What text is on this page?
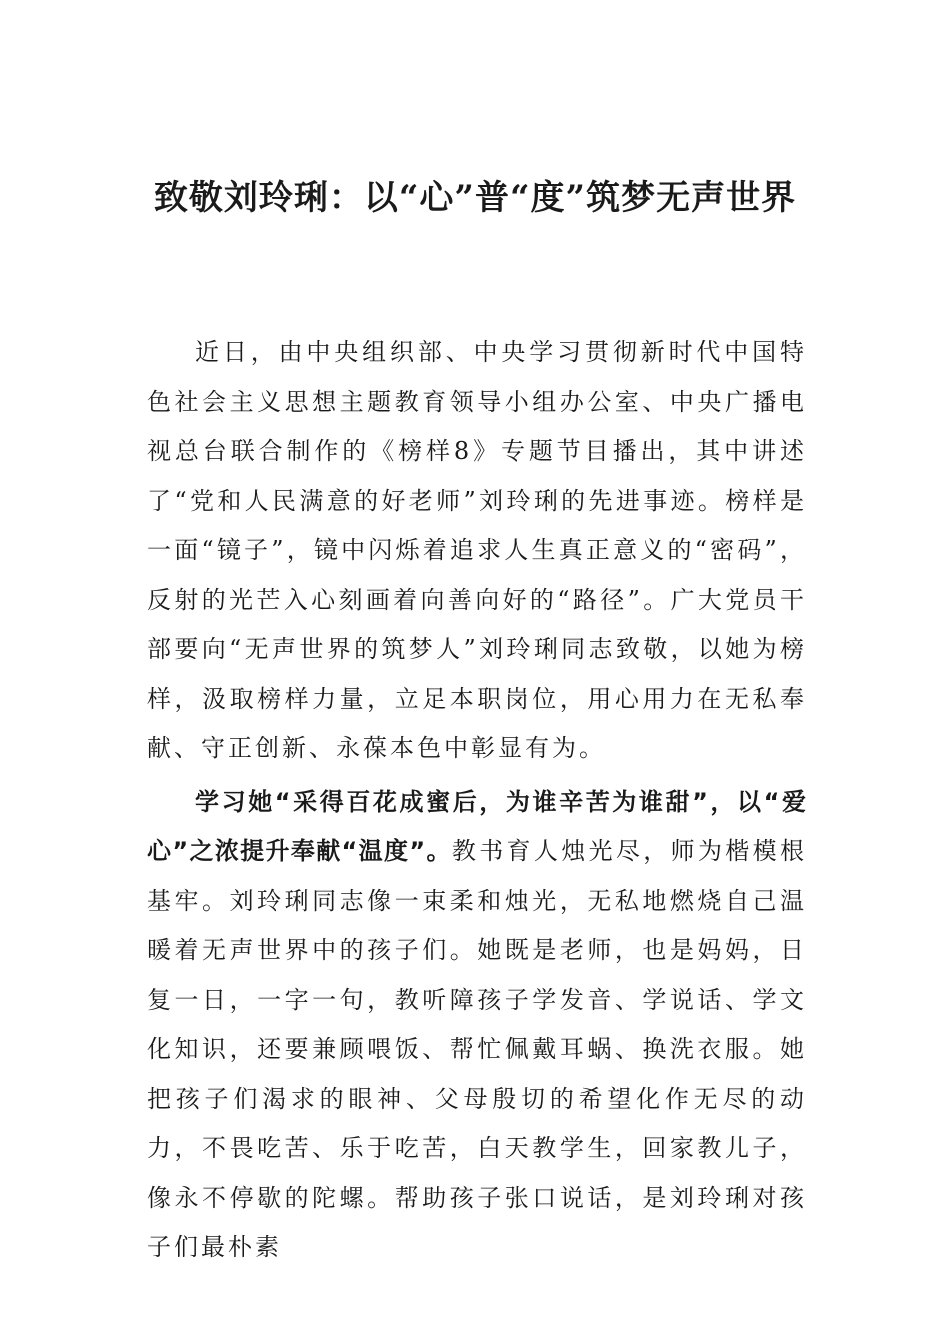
致敬刘玲琍：以“心”普“度”筑梦无声世界

近日，由中央组织部、中央学习贯彻新时代中国特色社会主义思想主题教育领导小组办公室、中央广播电视总台联合制作的《榜样8》专题节目播出，其中讲述了“党和人民满意的好老师”刘玲琍的先进事迹。榜样是一面“镜子”，镜中闪烁着追求人生真正意义的“密码”，反射的光芒入心刻画着向善向好的“路径”。广大党员干部要向“无声世界的筑梦人”刘玲琍同志致敬，以她为榜样，汲取榜样力量，立足本职岗位，用心用力在无私奉献、守正创新、永葆本色中彰显有为。

学习她“采得百花成蜜后，为谁辛苦为谁甜”，以“爱心”之浓提升奉献“温度”。教书育人烛光尽，师为楷模根基牢。刘玲琍同志像一束柔和烛光，无私地燃烧自己温暖着无声世界中的孩子们。她既是老师，也是妈妈，日复一日，一字一句，教听障孩子学发音、学说话、学文化知识，还要兼顾喂饭、帮忙佩戴耳蜗、换洗衣服。她把孩子们渴求的眼神、父母殷切的希望化作无尽的动力，不畏吃苦、乐于吃苦，白天教学生，回家教儿子，像永不停歇的陀螺。帮助孩子张口说话，是刘玲琍对孩子们最朴素
